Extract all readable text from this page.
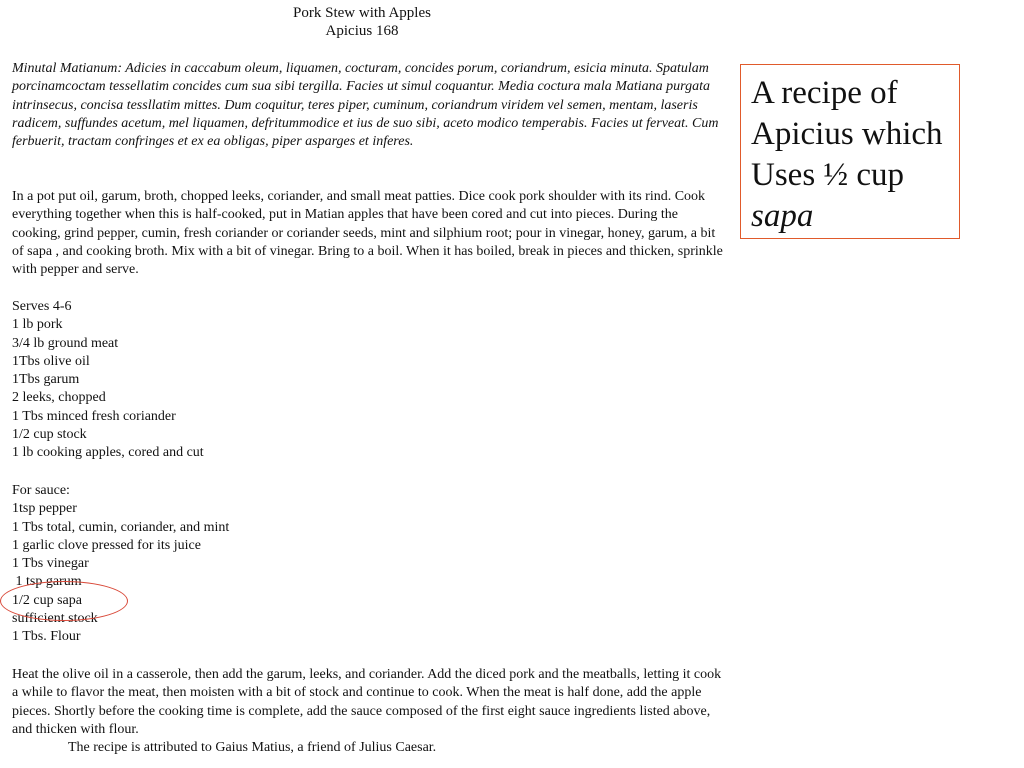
Pork Stew with Apples
Apicius 168
Minutal Matianum: Adicies in caccabum oleum, liquamen, cocturam, concides porum, coriandrum, esicia minuta. Spatulam porcinamcoctam tessellatim concides cum sua sibi tergilla. Facies ut simul coquantur. Media coctura mala Matiana purgata intrinsecus, concisa tessllatim mittes. Dum coquitur, teres piper, cuminum, coriandrum viridem vel semen, mentam, laseris radicem, suffundes acetum, mel liquamen, defritummodice et ius de suo sibi, aceto modico temperabis. Facies ut ferveat. Cum ferbuerit, tractam confringes et ex ea obligas, piper asparges et inferes.
In a pot put oil, garum, broth, chopped leeks, coriander, and small meat patties. Dice cook pork shoulder with its rind. Cook everything together when this is half-cooked, put in Matian apples that have been cored and cut into pieces. During the cooking, grind pepper, cumin, fresh coriander or coriander seeds, mint and silphium root; pour in vinegar, honey, garum, a bit of sapa , and cooking broth. Mix with a bit of vinegar. Bring to a boil. When it has boiled, break in pieces and thicken, sprinkle with pepper and serve.
Serves 4-6
1 lb pork
3/4 lb ground meat
1Tbs olive oil
1Tbs garum
2 leeks, chopped
1 Tbs minced fresh coriander
1/2 cup stock
1 lb cooking apples, cored and cut
For sauce:
1tsp pepper
1 Tbs total, cumin, coriander, and mint
1 garlic clove pressed for its juice
1 Tbs vinegar
1 tsp garum
1/2 cup sapa
sufficient stock
1 Tbs. Flour
Heat the olive oil in a casserole, then add the garum, leeks, and coriander. Add the diced pork and the meatballs, letting it cook a while to flavor the meat, then moisten with a bit of stock and continue to cook. When the meat is half done, add the apple pieces. Shortly before the cooking time is complete, add the sauce composed of the first eight sauce ingredients listed above, and thicken with flour.
The recipe is attributed to Gaius Matius, a friend of Julius Caesar.
A recipe of
Apicius which
Uses ½ cup
sapa
